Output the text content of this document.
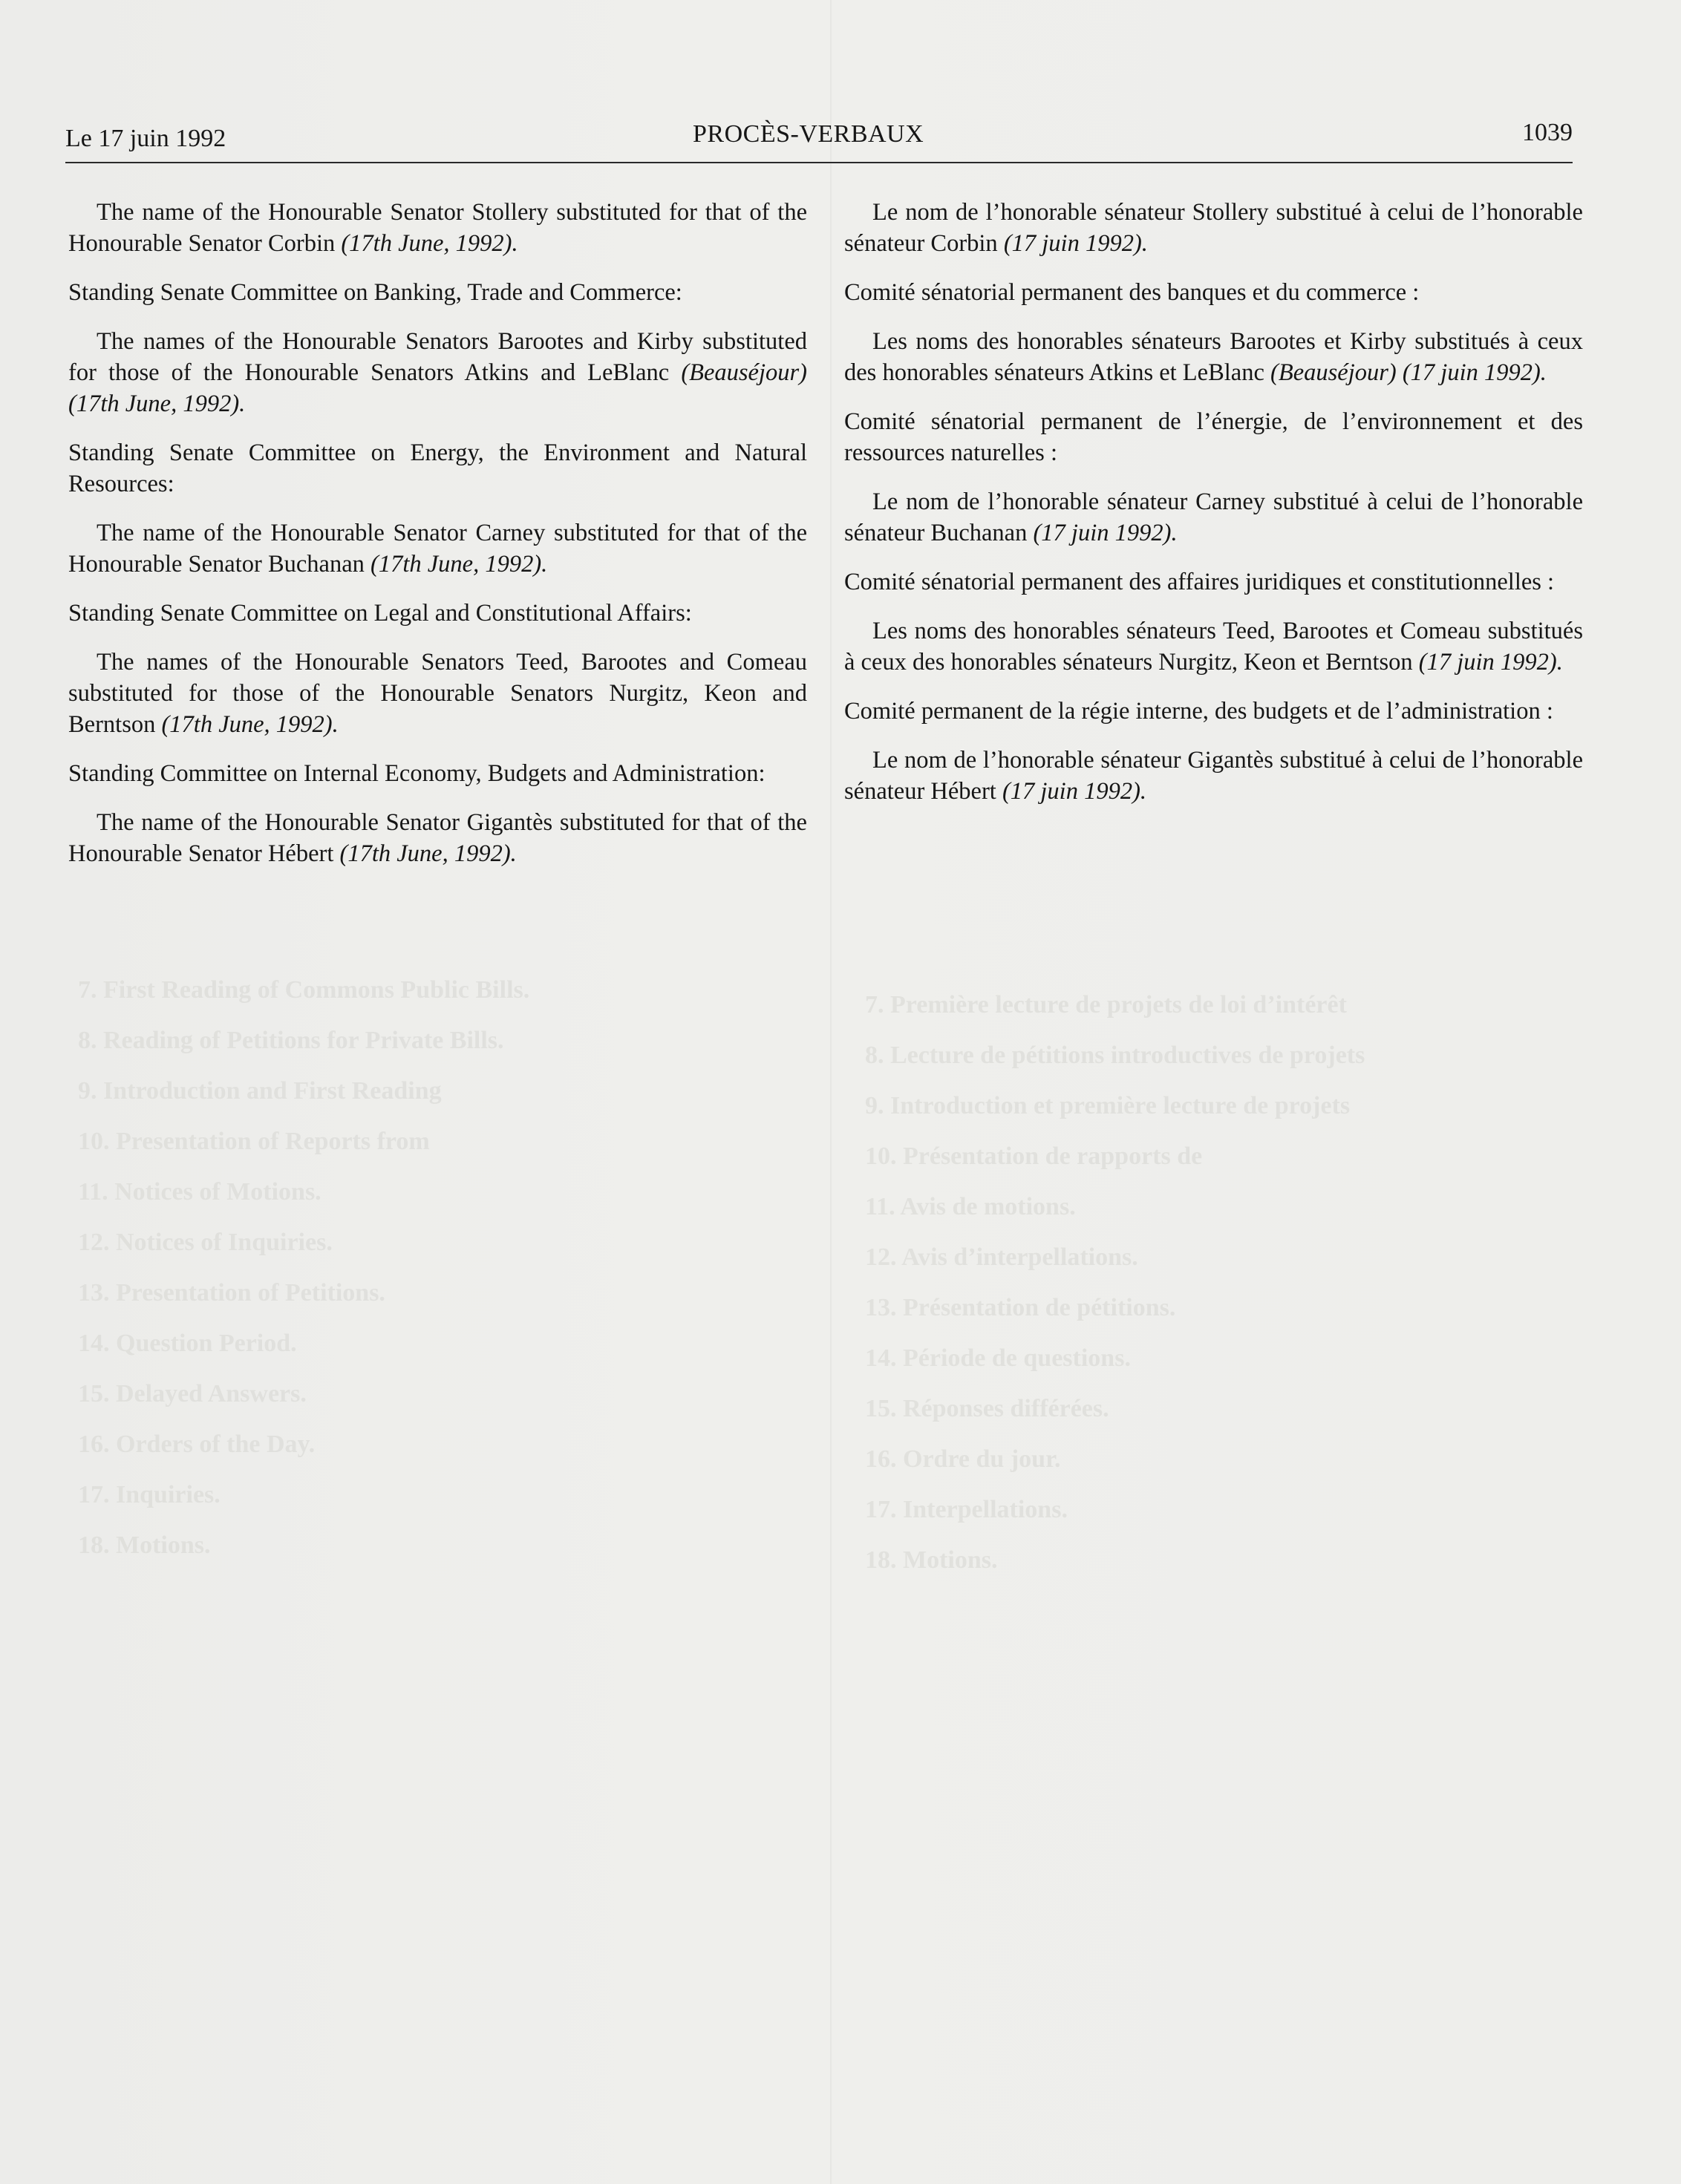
Le 17 juin 1992	PROCÈS-VERBAUX	1039
7. First Reading of Commons Public Bills.
8. Reading of Petitions for Private Bills.
9. Introduction and First Reading
10. Presentation of Reports from
11. Notices of Motions.
12. Notices of Inquiries.
13. Presentation of Petitions.
14. Question Period.
15. Delayed Answers.
16. Orders of the Day.
17. Inquiries.
18. Motions.
7. Première lecture de projets de loi d’intérêt
8. Lecture de pétitions introductives de projets
9. Introduction et première lecture de projets
10. Présentation de rapports de
11. Avis de motions.
12. Avis d’interpellations.
13. Présentation de pétitions.
14. Période de questions.
15. Réponses différées.
16. Ordre du jour.
17. Interpellations.
18. Motions.

The name of the Honourable Senator Stollery substituted for that of the Honourable Senator Corbin (17th June, 1992).

Standing Senate Committee on Banking, Trade and Commerce:

The names of the Honourable Senators Barootes and Kirby substituted for those of the Honourable Senators Atkins and LeBlanc (Beauséjour) (17th June, 1992).

Standing Senate Committee on Energy, the Environment and Natural Resources:

The name of the Honourable Senator Carney substituted for that of the Honourable Senator Buchanan (17th June, 1992).

Standing Senate Committee on Legal and Constitutional Affairs:

The names of the Honourable Senators Teed, Barootes and Comeau substituted for those of the Honourable Senators Nurgitz, Keon and Berntson (17th June, 1992).

Standing Committee on Internal Economy, Budgets and Administration:

The name of the Honourable Senator Gigantès substituted for that of the Honourable Senator Hébert (17th June, 1992).

Le nom de l’honorable sénateur Stollery substitué à celui de l’honorable sénateur Corbin (17 juin 1992).

Comité sénatorial permanent des banques et du commerce :

Les noms des honorables sénateurs Barootes et Kirby substitués à ceux des honorables sénateurs Atkins et LeBlanc (Beauséjour) (17 juin 1992).

Comité sénatorial permanent de l’énergie, de l’environnement et des ressources naturelles :

Le nom de l’honorable sénateur Carney substitué à celui de l’honorable sénateur Buchanan (17 juin 1992).

Comité sénatorial permanent des affaires juridiques et constitutionnelles :

Les noms des honorables sénateurs Teed, Barootes et Comeau substitués à ceux des honorables sénateurs Nurgitz, Keon et Berntson (17 juin 1992).

Comité permanent de la régie interne, des budgets et de l’administration :

Le nom de l’honorable sénateur Gigantès substitué à celui de l’honorable sénateur Hébert (17 juin 1992).
